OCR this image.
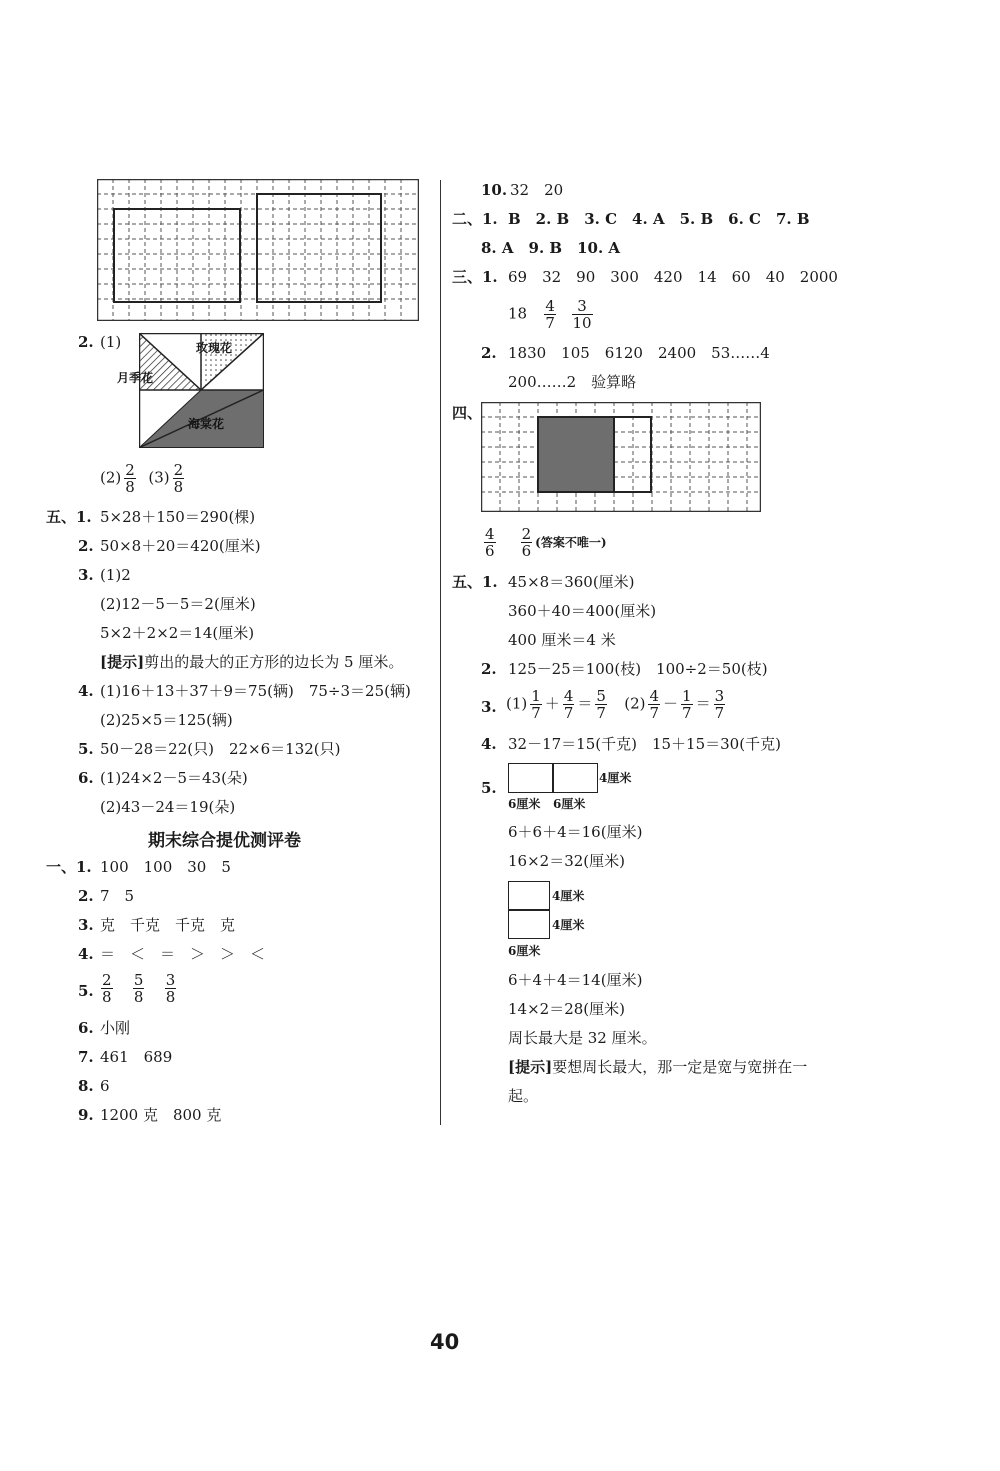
2. (1)	玫瑰花
月季花
海棠花
$(2) \frac{2}{8} (3) \frac{2}{8}$
五、1. 5×28＋150＝290(棵)
2. 50×8＋20＝420(厘米)
3. (1)2
(2)12－5－5＝2(厘米)
5×2＋2×2＝14(厘米)
[提示]剪出的最大的正方形的边长为 5 厘米。
4. (1)16＋13＋37＋9＝75(辆)　75÷3＝25(辆)
(2)25×5＝125(辆)
5. 50－28＝22(只)　22×6＝132(只)
6. (1)24×2－5＝43(朵)
(2)43－24＝19(朵)
期末综合提优测评卷
一、1. 100　100　30　5
2. 7　5
3. 克　千克　千克　克
4. ＝　＜　＝　＞　＞　＜
5. $\frac{2}{8}$
$\frac{5}{8}$
$\frac{3}{8}$
6. 小刚
7. 461　689
8. 6
9. 1200 克　800 克
10. 32　20
二、1. B　2. B　3. C　4. A　5. B　6. C　7. B
8. A　9. B　10. A
三、1. 69　32　90　300　420　14　60　40　2000
$18 \frac{4}{7}$
$\frac{3}{10}$
2. 1830　105　6120　2400　53……4
200……2　验算略
四、
$\frac{4}{6}$
$\frac{2}{6}$ (答案不唯一)
五、1. 45×8＝360(厘米)
360＋40＝400(厘米)
400 厘米＝4 米
2. 125－25＝100(枝)　100÷2＝50(枝)
3. $(1) \frac{1}{7} + \frac{4}{7} = \frac{5}{7} (2) \frac{4}{7} - \frac{1}{7} = \frac{3}{7}$
4. 32－17＝15(千克)　15＋15＝30(千克)
5.
4厘米
6厘米 6厘米
6＋6＋4＝16(厘米)
16×2＝32(厘米)
4厘米
4厘米
6厘米
6＋4＋4＝14(厘米)
14×2＝28(厘米)
周长最大是 32 厘米。
[提示]要想周长最大，那一定是宽与宽拼在一
起。
40
